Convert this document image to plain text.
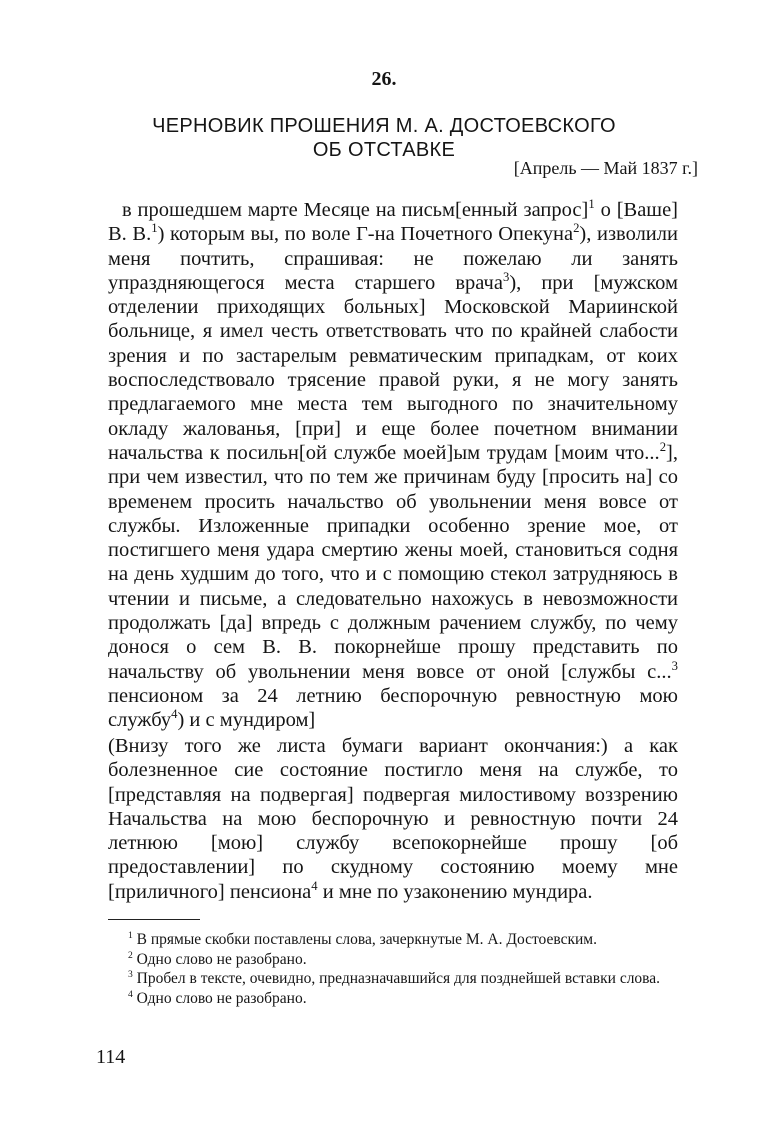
26.
ЧЕРНОВИК ПРОШЕНИЯ М. А. ДОСТОЕВСКОГО
ОБ ОТСТАВКЕ
[Апрель — Май 1837 г.]
в прошедшем марте Месяце на письм[енный запрос]$^1$ о [Ваше] В. В.$^1$) которым вы, по воле Г-на Почетного Опекуна$^2$), изволили меня почтить, спрашивая: не пожелаю ли занять упраздняющегося места старшего врача$^3$), при [мужском отделении приходящих больных] Московской Мариинской больнице, я имел честь ответствовать что по крайней слабости зрения и по застарелым ревматическим припадкам, от коих воспоследствовало трясение правой руки, я не могу занять предлагаемого мне места тем выгодного по значительному окладу жалованья, [при] и еще более почетном внимании начальства к посильн[ой службе моей]ым трудам [моим что...$^2$], при чем известил, что по тем же причинам буду [просить на] со временем просить начальство об увольнении меня вовсе от службы. Изложенные припадки особенно зрение мое, от постигшего меня удара смертию жены моей, становиться содня на день худшим до того, что и с помощию стекол затрудняюсь в чтении и письме, а следовательно нахожусь в невозможности продолжать [да] впредь с должным рачением службу, по чему донося о сем В. В. покорнейше прошу представить по начальству об увольнении меня вовсе от оной [службы с...$^3$ пенсионом за 24 летнию беспорочную ревностную мою службу$^4$) и с мундиром]
(Внизу того же листа бумаги вариант окончания:) а как болезненное сие состояние постигло меня на службе, то [представляя на подвергая] подвергая милостивому воззрению Начальства на мою беспорочную и ревностную почти 24 летнюю [мою] службу всепокорнейше прошу [об предоставлении] по скудному состоянию моему мне [приличного] пенсиона$^4$ и мне по узаконению мундира.

$^1$ В прямые скобки поставлены слова, зачеркнутые М. А. Достоевским.

$^2$ Одно слово не разобрано.

$^3$ Пробел в тексте, очевидно, предназначавшийся для позднейшей вставки слова.

$^4$ Одно слово не разобрано.

114
